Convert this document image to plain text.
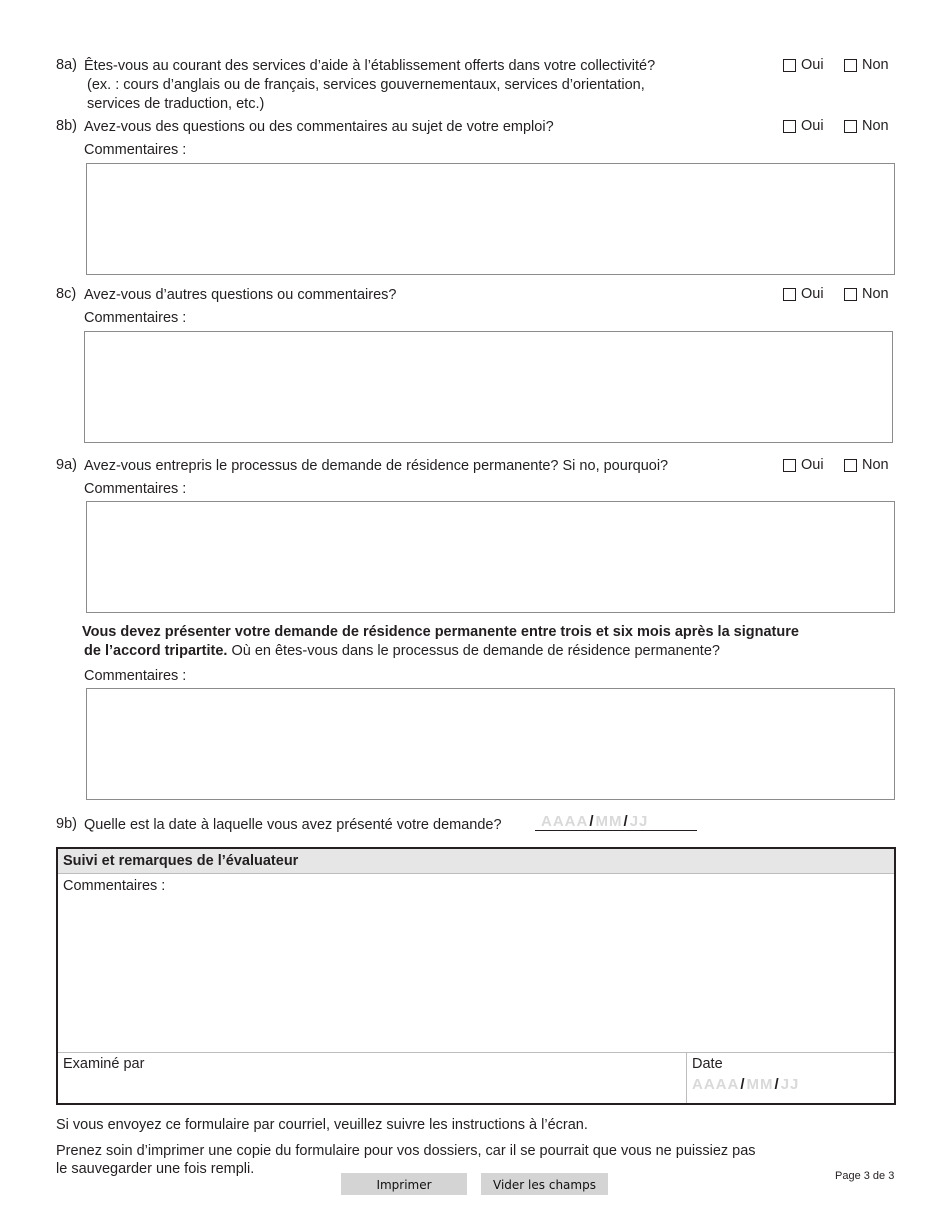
8a) Êtes-vous au courant des services d’aide à l’établissement offerts dans votre collectivité?
(ex. : cours d’anglais ou de français, services gouvernementaux, services d’orientation,
services de traduction, etc.)
Oui	Non
8b) Avez-vous des questions ou des commentaires au sujet de votre emploi?	Oui	Non
Commentaires :
8c) Avez-vous d’autres questions ou commentaires?	Oui	Non
Commentaires :
9a) Avez-vous entrepris le processus de demande de résidence permanente? Si no, pourquoi?	Oui	Non
Commentaires :
Vous devez présenter votre demande de résidence permanente entre trois et six mois après la signature
de l’accord tripartite. Où en êtes-vous dans le processus de demande de résidence permanente?
Commentaires :
9b) Quelle est la date à laquelle vous avez présenté votre demande?	AAAA / MM / JJ
Suivi et remarques de l’évaluateur
Commentaires :
Examiné par	Date
AAAA/MM/JJ
Si vous envoyez ce formulaire par courriel, veuillez suivre les instructions à l’écran.
Prenez soin d’imprimer une copie du formulaire pour vos dossiers, car il se pourrait que vous ne puissiez pas
le sauvegarder une fois rempli.	Page 3 de 3
Imprimer	Vider les champs
